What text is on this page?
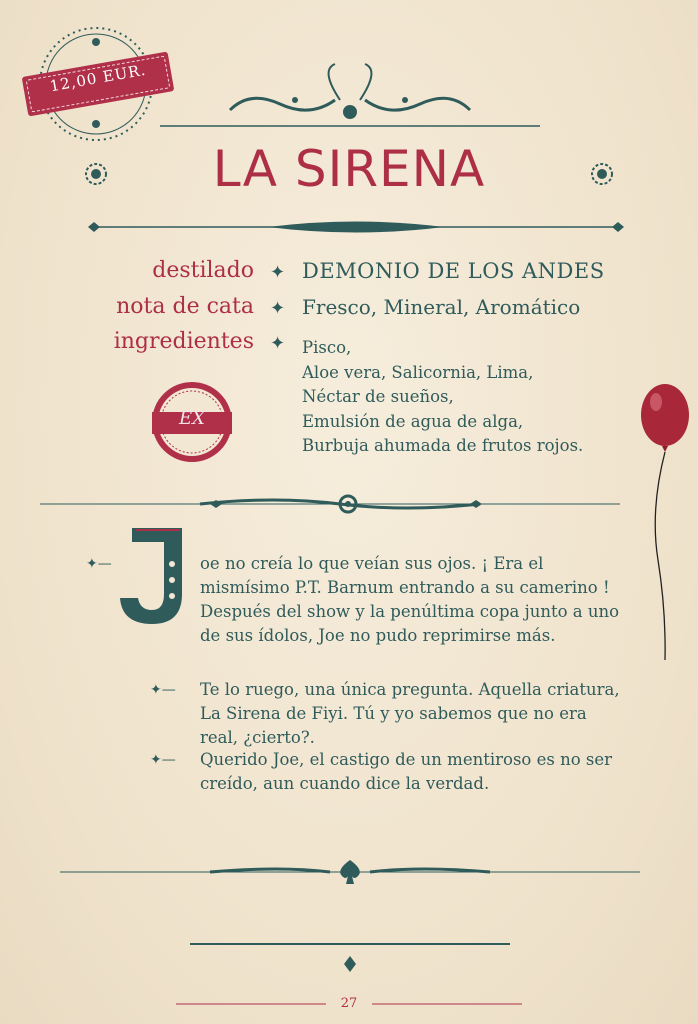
12,00 EUR.
LA SIRENA
destilado ✦ DEMONIO DE LOS ANDES
nota de cata ✦ Fresco, Mineral, Aromático
ingredientes ✦ Pisco,
Aloe vera, Salicornia, Lima,
Néctar de sueños,
Emulsión de agua de alga,
Burbuja ahumada de frutos rojos.
EX
J
✦—	oe no creía lo que veían sus ojos. ¡ Era el mismísimo P.T. Barnum entrando a su camerino ! Después del show y la penúltima copa junto a uno de sus ídolos, Joe no pudo reprimirse más.
✦— Te lo ruego, una única pregunta. Aquella criatura, La Sirena de Fiyi. Tú y yo sabemos que no era real, ¿cierto?.
✦— Querido Joe, el castigo de un mentiroso es no ser creído, aun cuando dice la verdad.
27
